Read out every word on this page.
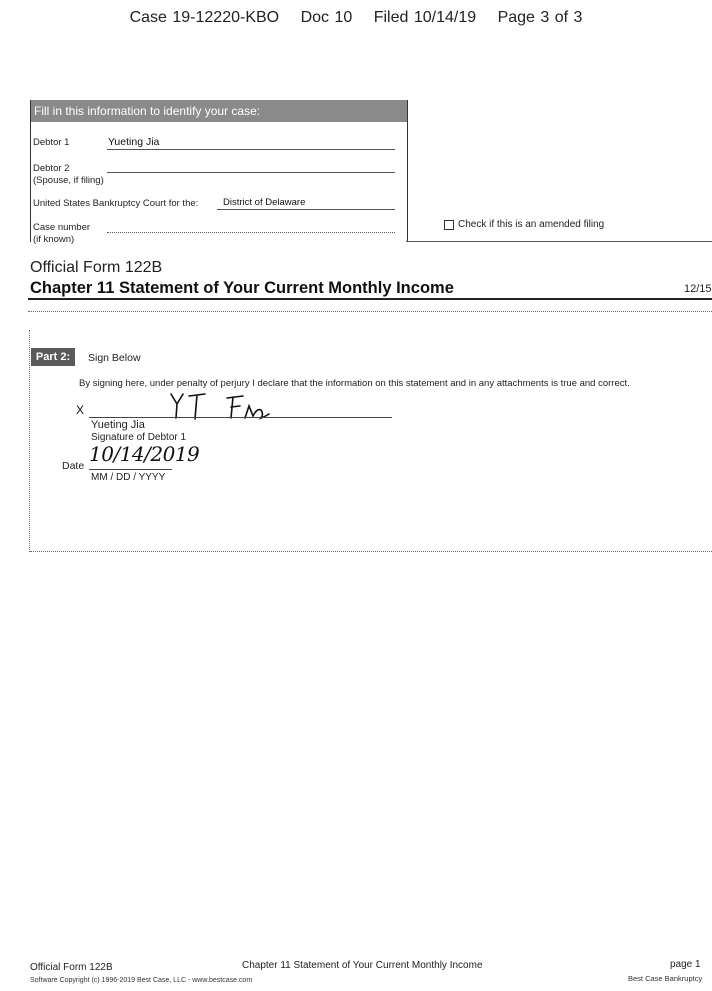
Case 19-12220-KBO Doc 10 Filed 10/14/19 Page 3 of 3
Fill in this information to identify your case:
Debtor 1	Yueting Jia
Debtor 2
(Spouse, if filing)
United States Bankruptcy Court for the:	District of Delaware
Case number
(if known)
Check if this is an amended filing
Official Form 122B
Chapter 11 Statement of Your Current Monthly Income	12/15
Part 2:	Sign Below
By signing here, under penalty of perjury I declare that the information on this statement and in any attachments is true and correct.
X
Yueting Jia
Signature of Debtor 1
Date 10/14/2019
MM / DD / YYYY
Official Form 122B
Software Copyright (c) 1996-2019 Best Case, LLC - www.bestcase.com
Chapter 11 Statement of Your Current Monthly Income	page 1
Best Case Bankruptcy
